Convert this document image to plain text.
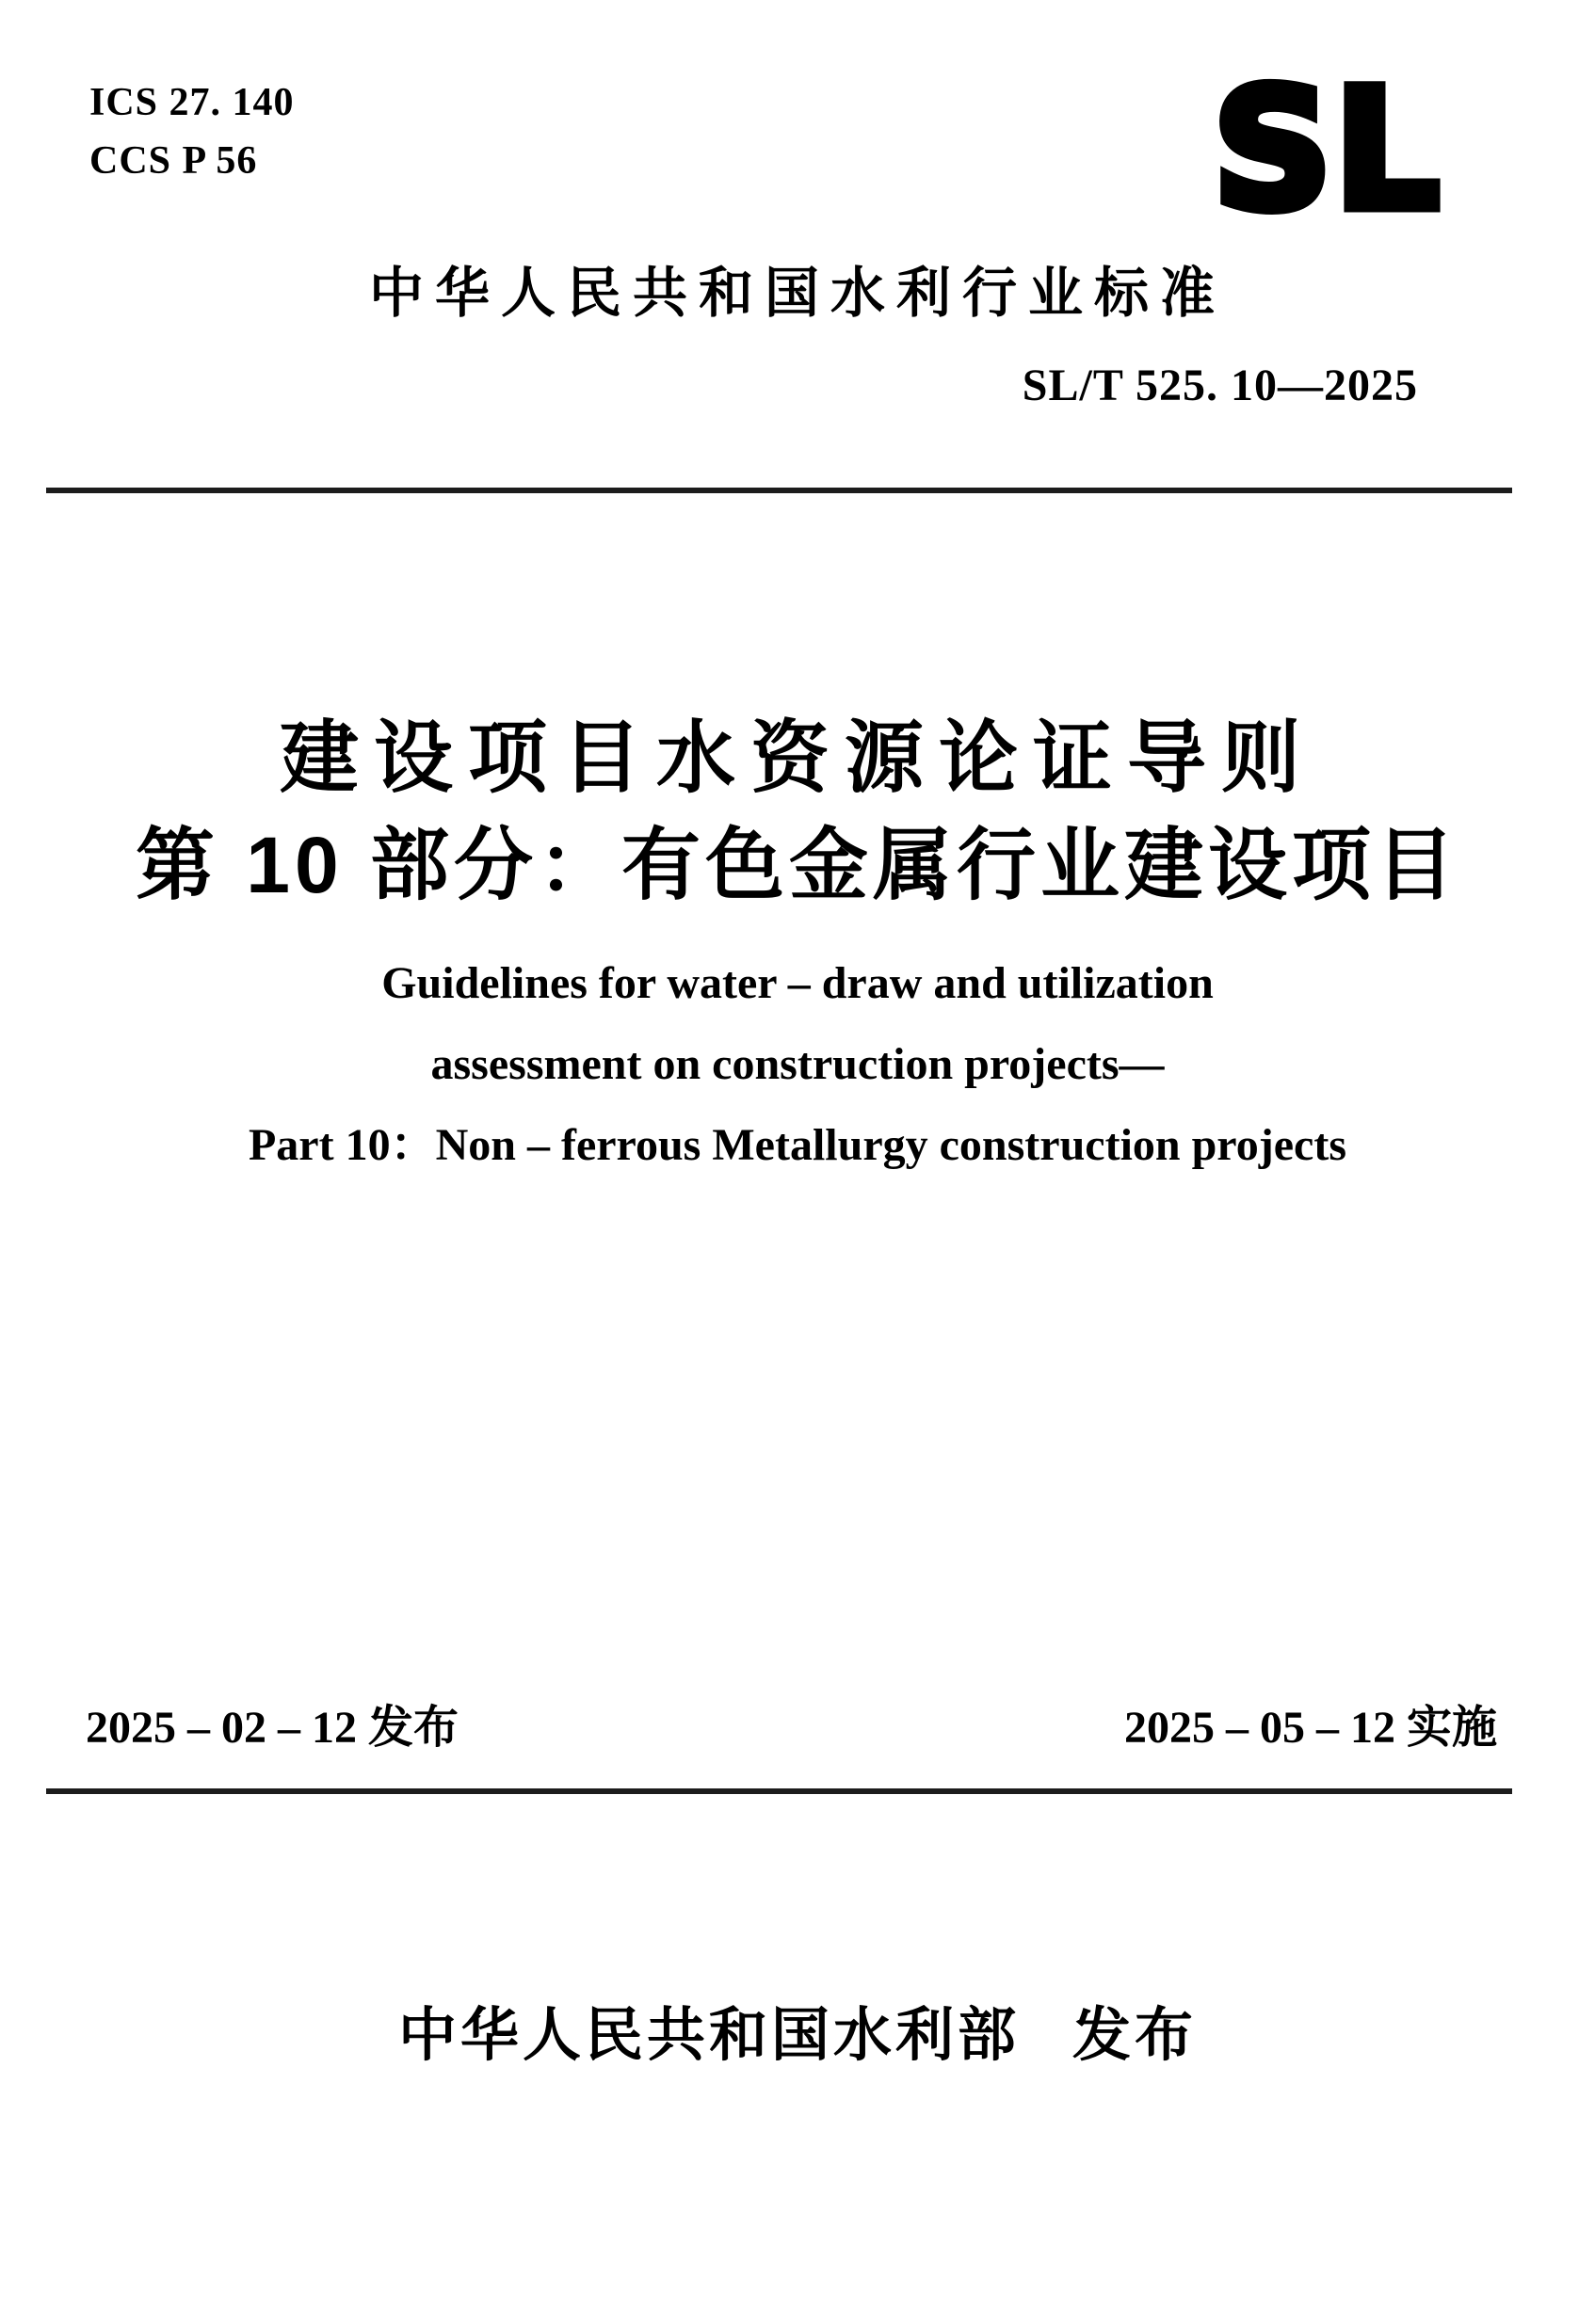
ICS 27. 140
CCS P 56	SL
中华人民共和国水利行业标准
SL/T 525. 10—2025
建设项目水资源论证导则
第 10 部分：有色金属行业建设项目
Guidelines for water – draw and utilization
assessment on construction projects—
Part 10：Non – ferrous Metallurgy construction projects
2025 – 02 – 12 发布	2025 – 05 – 12 实施
中华人民共和国水利部 发布
